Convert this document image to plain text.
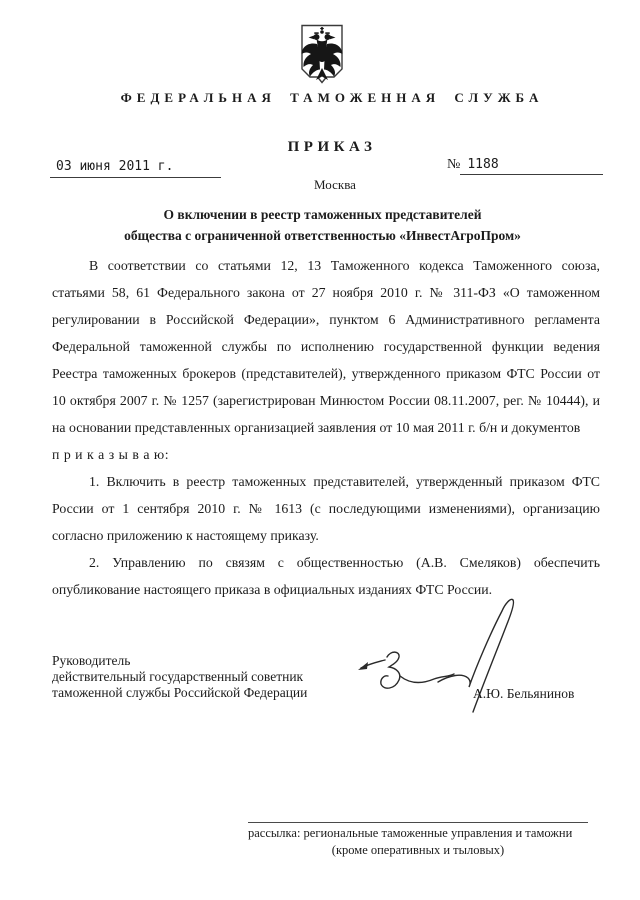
ФЕДЕРАЛЬНАЯ ТАМОЖЕННАЯ СЛУЖБА
ПРИКАЗ
03 июня 2011 г.	№ 1188
Москва
О включении в реестр таможенных представителей
общества с ограниченной ответственностью «ИнвестАгроПром»

В соответствии со статьями 12, 13 Таможенного кодекса Таможенного союза, статьями 58, 61 Федерального закона от 27 ноября 2010 г. № 311-ФЗ «О таможенном регулировании в Российской Федерации», пунктом 6 Административного регламента Федеральной таможенной службы по исполнению государственной функции ведения Реестра таможенных брокеров (представителей), утвержденного приказом ФТС России от 10 октября 2007 г. № 1257 (зарегистрирован Минюстом России 08.11.2007, рег. № 10444), и на основании представленных организацией заявления от 10 мая 2011 г. б/н и документов

п р и к а з ы в а ю:

1. Включить в реестр таможенных представителей, утвержденный приказом ФТС России от 1 сентября 2010 г. № 1613 (с последующими изменениями), организацию согласно приложению к настоящему приказу.

2. Управлению по связям с общественностью (А.В. Смеляков) обеспечить опубликование настоящего приказа в официальных изданиях ФТС России.

Руководитель
действительный государственный советник
таможенной службы Российской Федерации	А.Ю. Бельянинов
рассылка: региональные таможенные управления и таможни
(кроме оперативных и тыловых)
